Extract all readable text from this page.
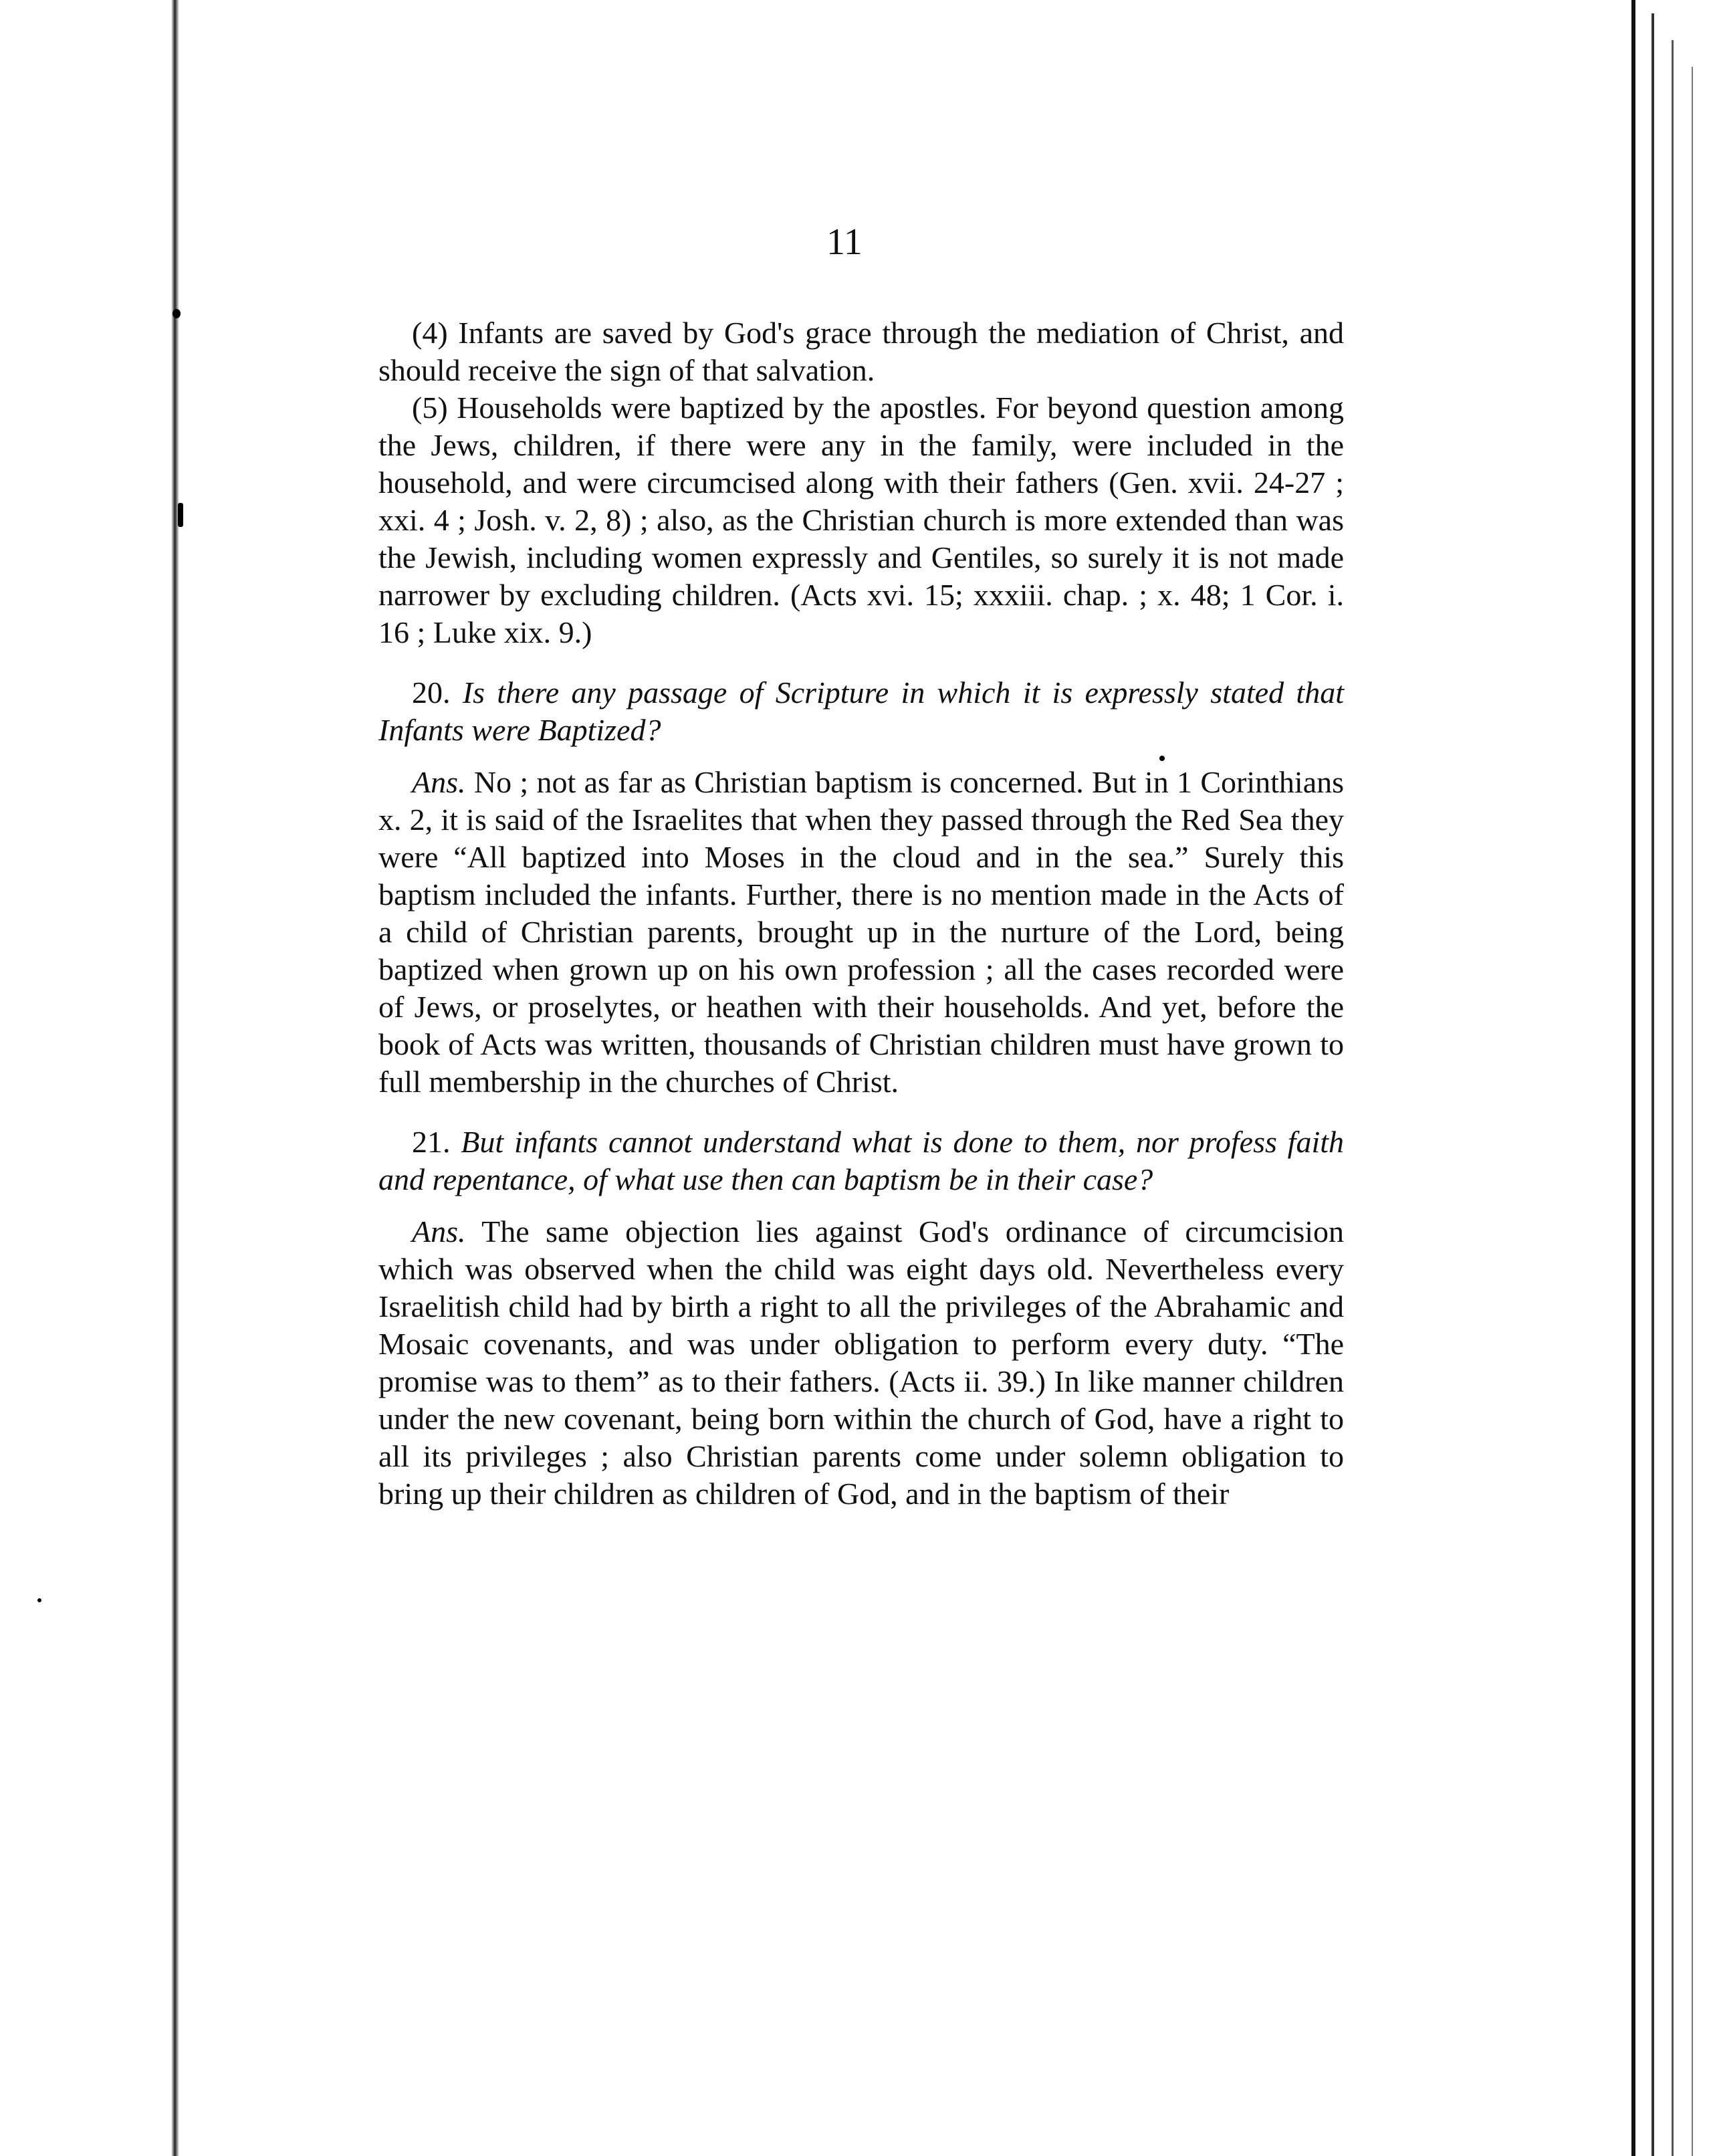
11

(4) Infants are saved by God's grace through the mediation of Christ, and should receive the sign of that salvation.

(5) Households were baptized by the apostles. For beyond question among the Jews, children, if there were any in the family, were included in the household, and were circumcised along with their fathers (Gen. xvii. 24-27 ; xxi. 4 ; Josh. v. 2, 8) ; also, as the Christian church is more extended than was the Jewish, including women expressly and Gentiles, so surely it is not made narrower by excluding children. (Acts xvi. 15; xxxiii. chap. ; x. 48; 1 Cor. i. 16 ; Luke xix. 9.)

20. Is there any passage of Scripture in which it is expressly stated that Infants were Baptized?

Ans. No ; not as far as Christian baptism is concerned. But in 1 Corinthians x. 2, it is said of the Israelites that when they passed through the Red Sea they were “All baptized into Moses in the cloud and in the sea.” Surely this baptism included the infants. Further, there is no mention made in the Acts of a child of Christian parents, brought up in the nurture of the Lord, being baptized when grown up on his own profession ; all the cases recorded were of Jews, or proselytes, or heathen with their households. And yet, before the book of Acts was written, thousands of Christian children must have grown to full membership in the churches of Christ.

21. But infants cannot understand what is done to them, nor profess faith and repentance, of what use then can baptism be in their case?

Ans. The same objection lies against God's ordinance of circumcision which was observed when the child was eight days old. Nevertheless every Israelitish child had by birth a right to all the privileges of the Abrahamic and Mosaic covenants, and was under obligation to perform every duty. “The promise was to them” as to their fathers. (Acts ii. 39.) In like manner children under the new covenant, being born within the church of God, have a right to all its privileges ; also Christian parents come under solemn obligation to bring up their children as children of God, and in the baptism of their
